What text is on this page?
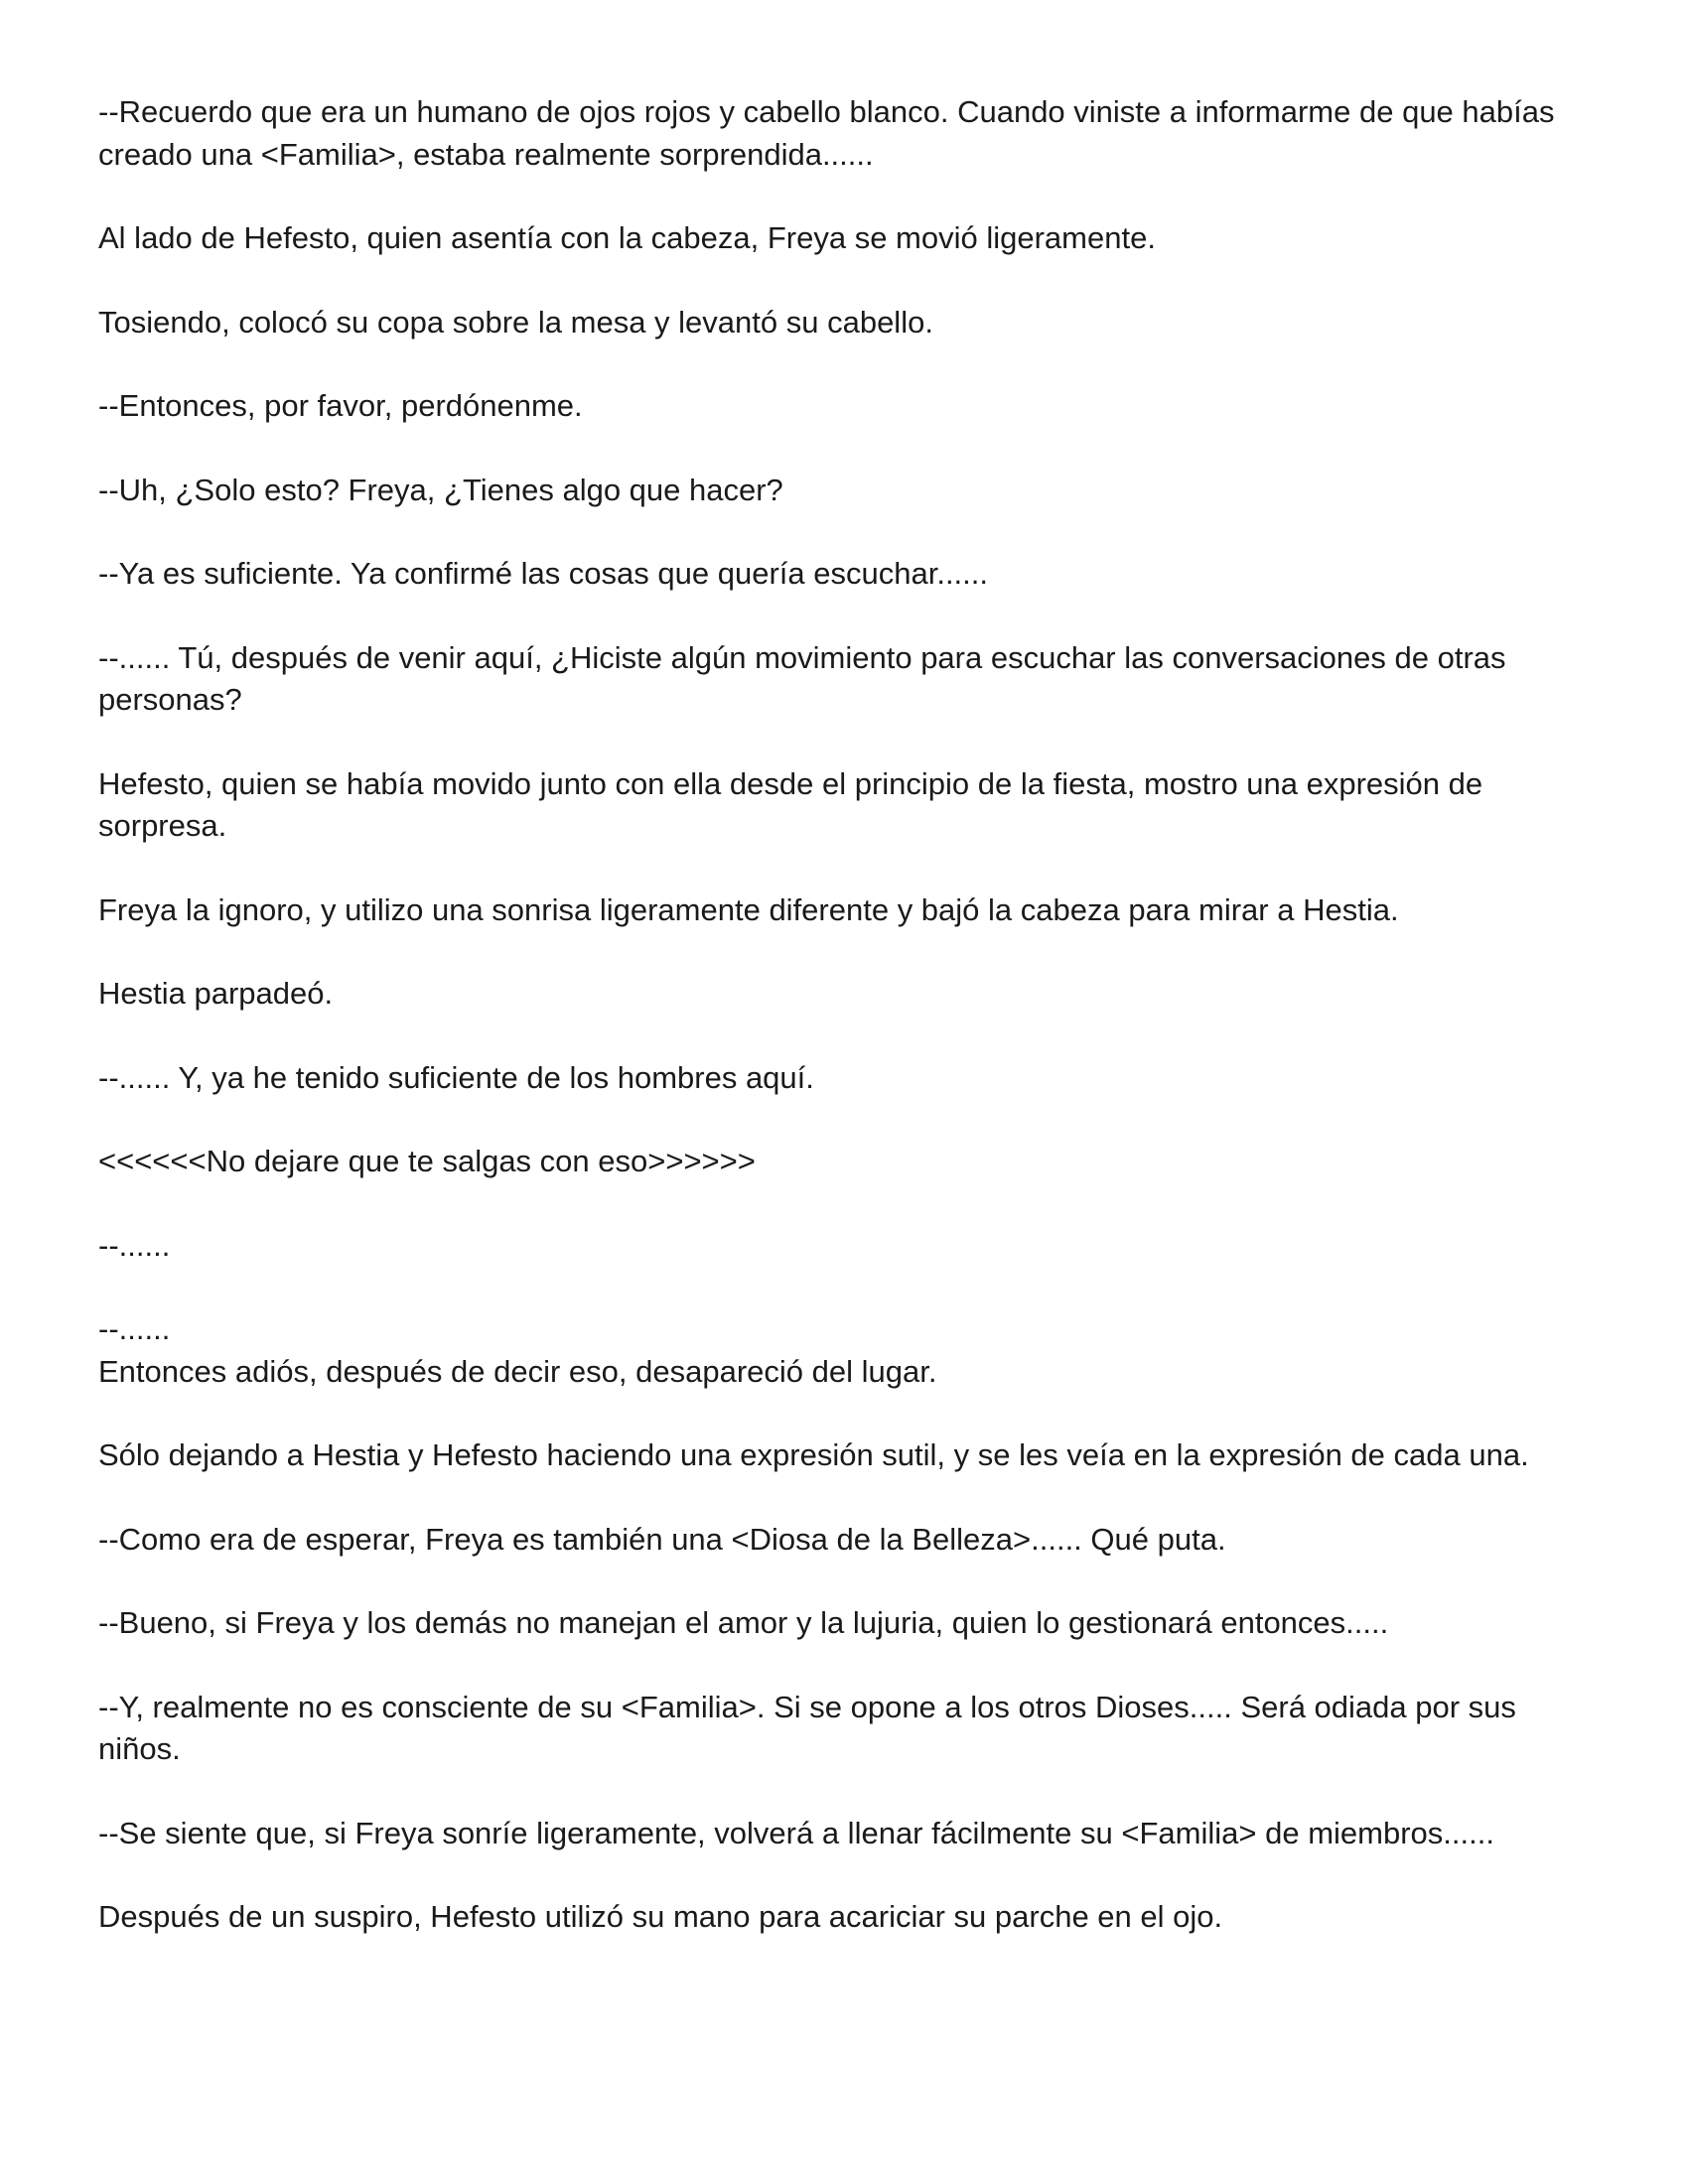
--Recuerdo que era un humano de ojos rojos y cabello blanco. Cuando viniste a informarme de que habías creado una <Familia>, estaba realmente sorprendida......

Al lado de Hefesto, quien asentía con la cabeza, Freya se movió ligeramente.

Tosiendo, colocó su copa sobre la mesa y levantó su cabello.

--Entonces, por favor, perdónenme.

--Uh, ¿Solo esto? Freya, ¿Tienes algo que hacer?

--Ya es suficiente. Ya confirmé las cosas que quería escuchar......

--...... Tú, después de venir aquí, ¿Hiciste algún movimiento para escuchar las conversaciones de otras personas?

Hefesto, quien se había movido junto con ella desde el principio de la fiesta, mostro una expresión de sorpresa.

Freya la ignoro, y utilizo una sonrisa ligeramente diferente y bajó la cabeza para mirar a Hestia.

Hestia parpadeó.

--...... Y, ya he tenido suficiente de los hombres aquí.

<<<<<<No dejare que te salgas con eso>>>>>>

--......

--......

Entonces adiós, después de decir eso, desapareció del lugar.

Sólo dejando a Hestia y Hefesto haciendo una expresión sutil, y se les veía en la expresión de cada una.

--Como era de esperar, Freya es también una <Diosa de la Belleza>...... Qué puta.

--Bueno, si Freya y los demás no manejan el amor y la lujuria, quien lo gestionará entonces.....

--Y, realmente no es consciente de su <Familia>. Si se opone a los otros Dioses..... Será odiada por sus niños.

--Se siente que, si Freya sonríe ligeramente, volverá a llenar fácilmente su <Familia> de miembros......

Después de un suspiro, Hefesto utilizó su mano para acariciar su parche en el ojo.
